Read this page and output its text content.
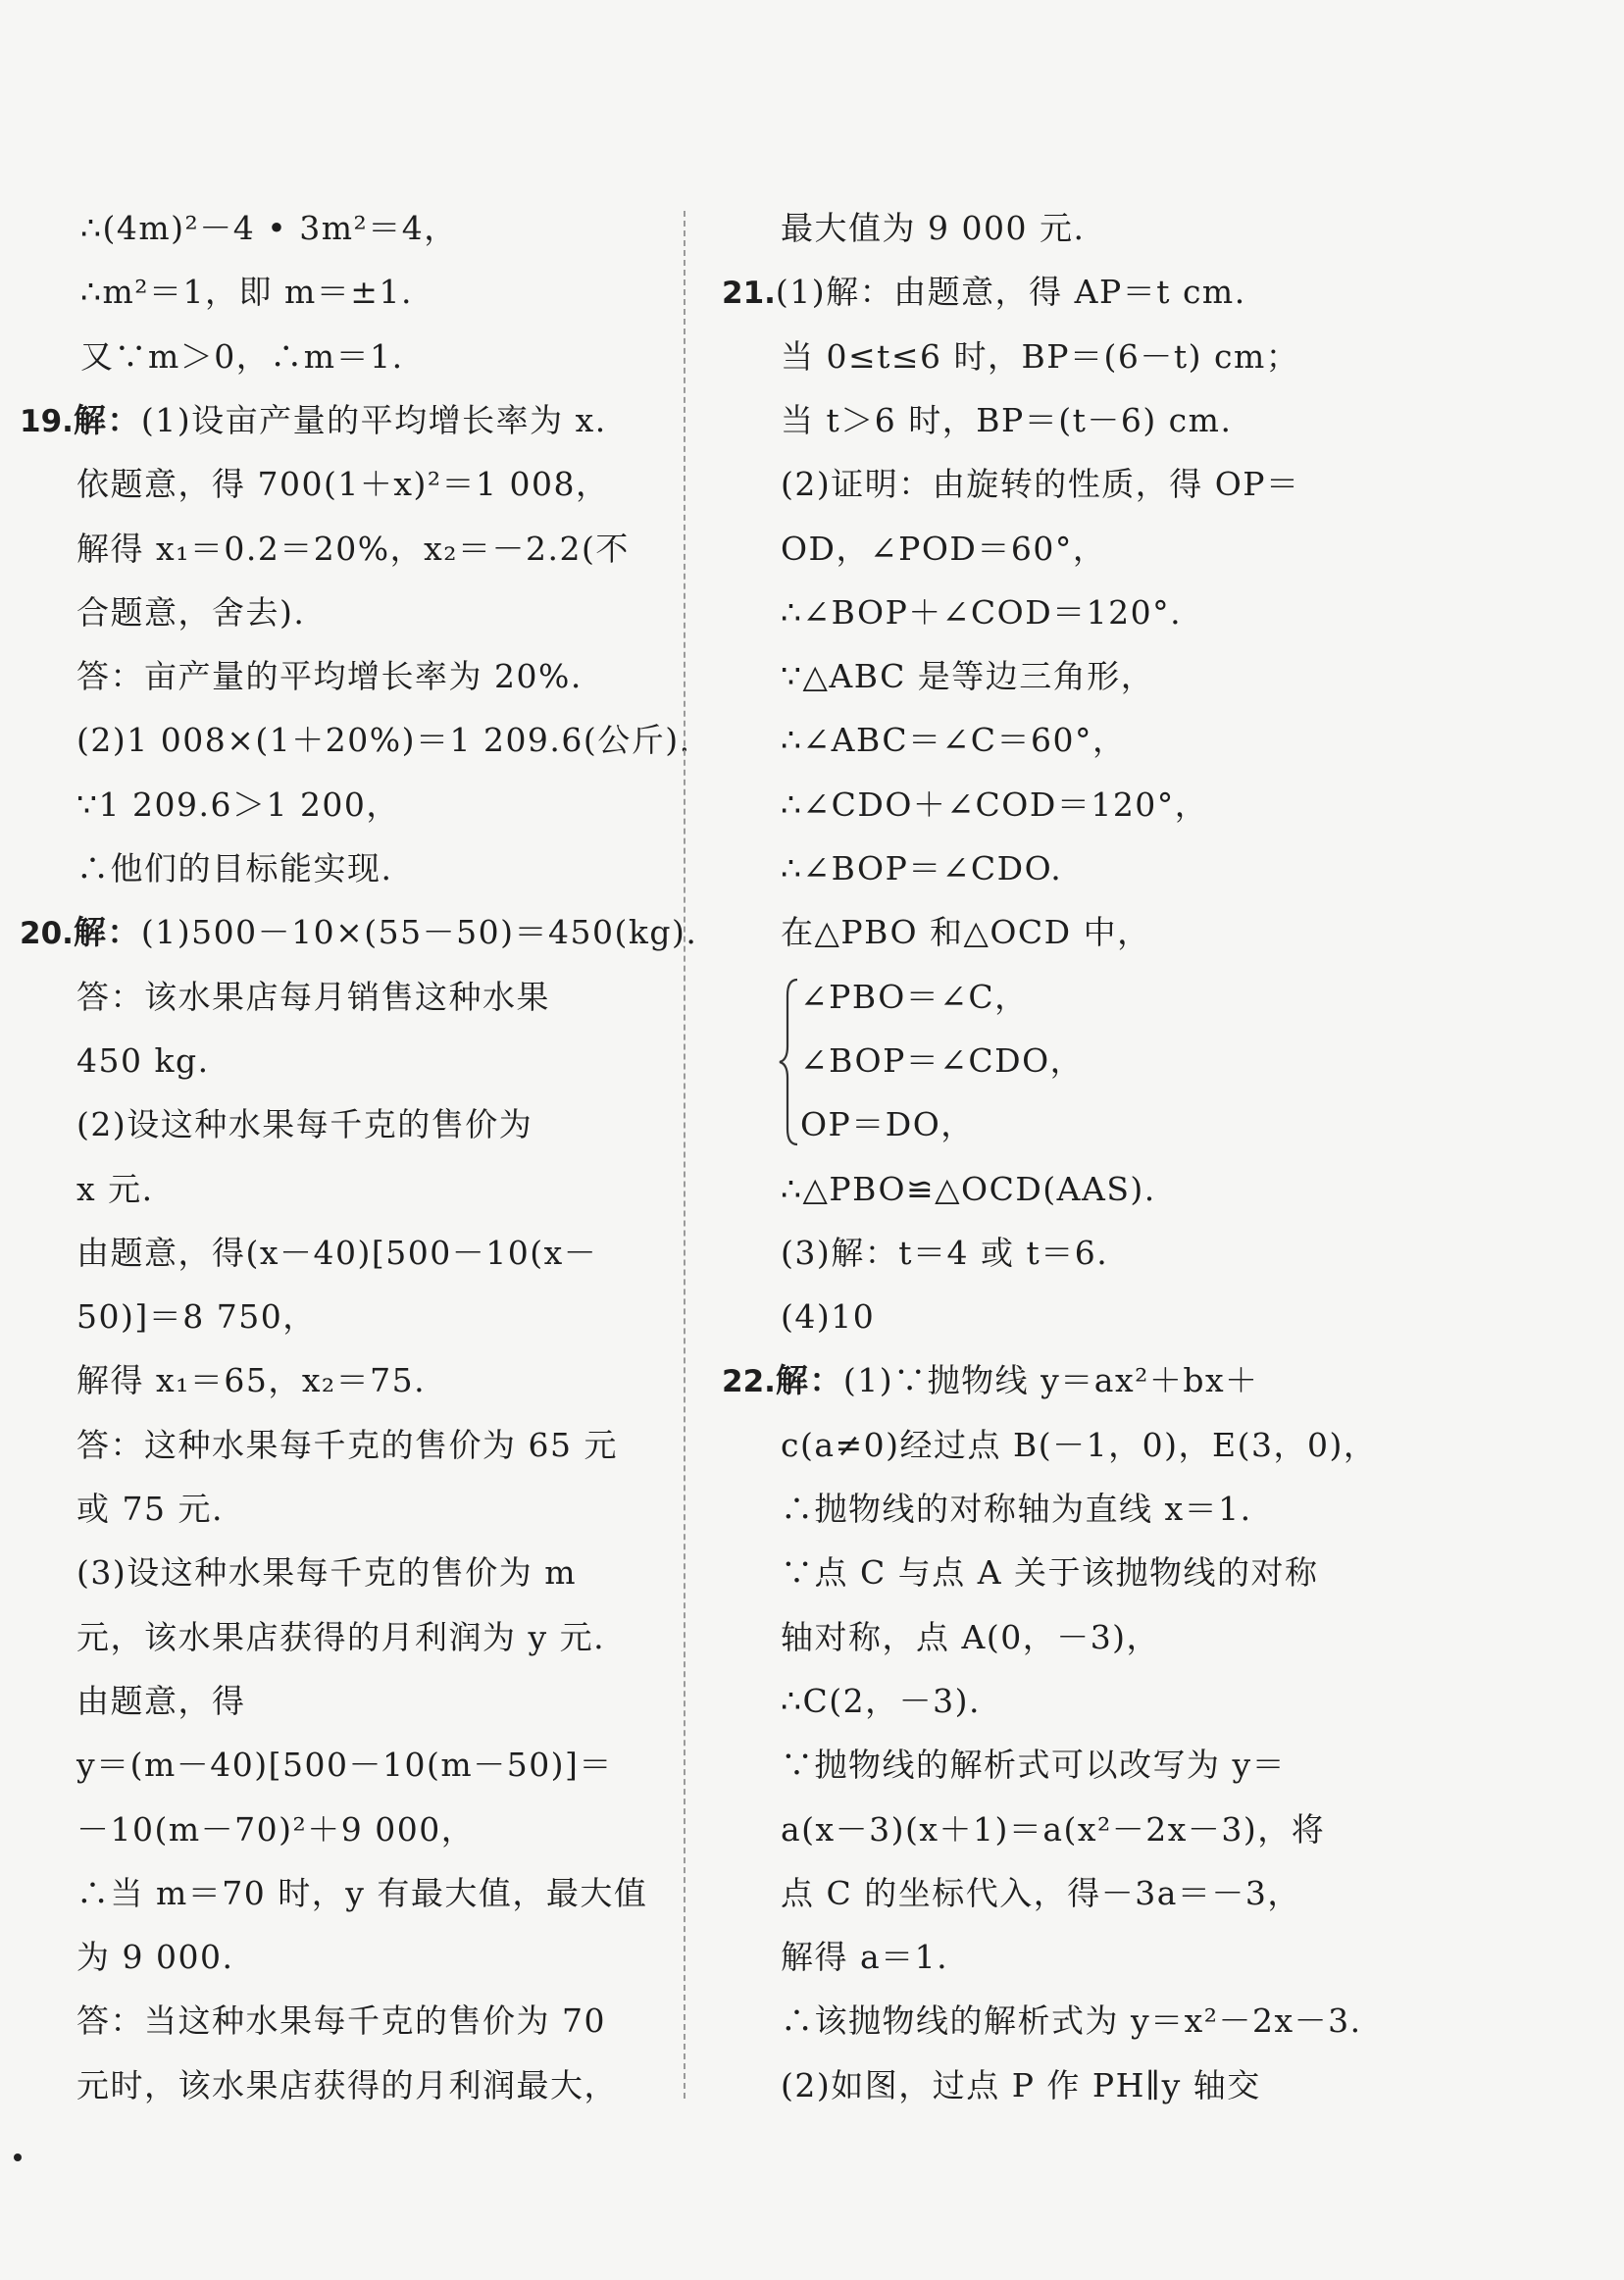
∴(4m)²－4 • 3m²＝4，
∴m²＝1，即 m＝±1.
又∵m＞0，∴m＝1.
19.解：(1)设亩产量的平均增长率为 x.
依题意，得 700(1＋x)²＝1 008，
解得 x₁＝0.2＝20%，x₂＝－2.2(不
合题意，舍去).
答：亩产量的平均增长率为 20%.
(2)1 008×(1＋20%)＝1 209.6(公斤).
∵1 209.6＞1 200，
∴他们的目标能实现.
20.解：(1)500－10×(55－50)＝450(kg).
答：该水果店每月销售这种水果
450 kg.
(2)设这种水果每千克的售价为
x 元.
由题意，得(x－40)[500－10(x－
50)]＝8 750，
解得 x₁＝65，x₂＝75.
答：这种水果每千克的售价为 65 元
或 75 元.
(3)设这种水果每千克的售价为 m
元，该水果店获得的月利润为 y 元.
由题意，得
y＝(m－40)[500－10(m－50)]＝
－10(m－70)²＋9 000，
∴当 m＝70 时，y 有最大值，最大值
为 9 000.
答：当这种水果每千克的售价为 70
元时，该水果店获得的月利润最大，
最大值为 9 000 元.
21.(1)解：由题意，得 AP＝t cm.
当 0≤t≤6 时，BP＝(6－t) cm；
当 t＞6 时，BP＝(t－6) cm.
(2)证明：由旋转的性质，得 OP＝
OD，∠POD＝60°，
∴∠BOP＋∠COD＝120°.
∵△ABC 是等边三角形，
∴∠ABC＝∠C＝60°，
∴∠CDO＋∠COD＝120°，
∴∠BOP＝∠CDO.
在△PBO 和△OCD 中，
∠PBO＝∠C，
∠BOP＝∠CDO，
OP＝DO，
∴△PBO≌△OCD(AAS).
(3)解：t＝4 或 t＝6.
(4)10
22.解：(1)∵抛物线 y＝ax²＋bx＋
c(a≠0)经过点 B(－1，0)，E(3，0)，
∴抛物线的对称轴为直线 x＝1.
∵点 C 与点 A 关于该抛物线的对称
轴对称，点 A(0，－3)，
∴C(2，－3).
∵抛物线的解析式可以改写为 y＝
a(x－3)(x＋1)＝a(x²－2x－3)，将
点 C 的坐标代入，得－3a＝－3，
解得 a＝1.
∴该抛物线的解析式为 y＝x²－2x－3.
(2)如图，过点 P 作 PH∥y 轴交
